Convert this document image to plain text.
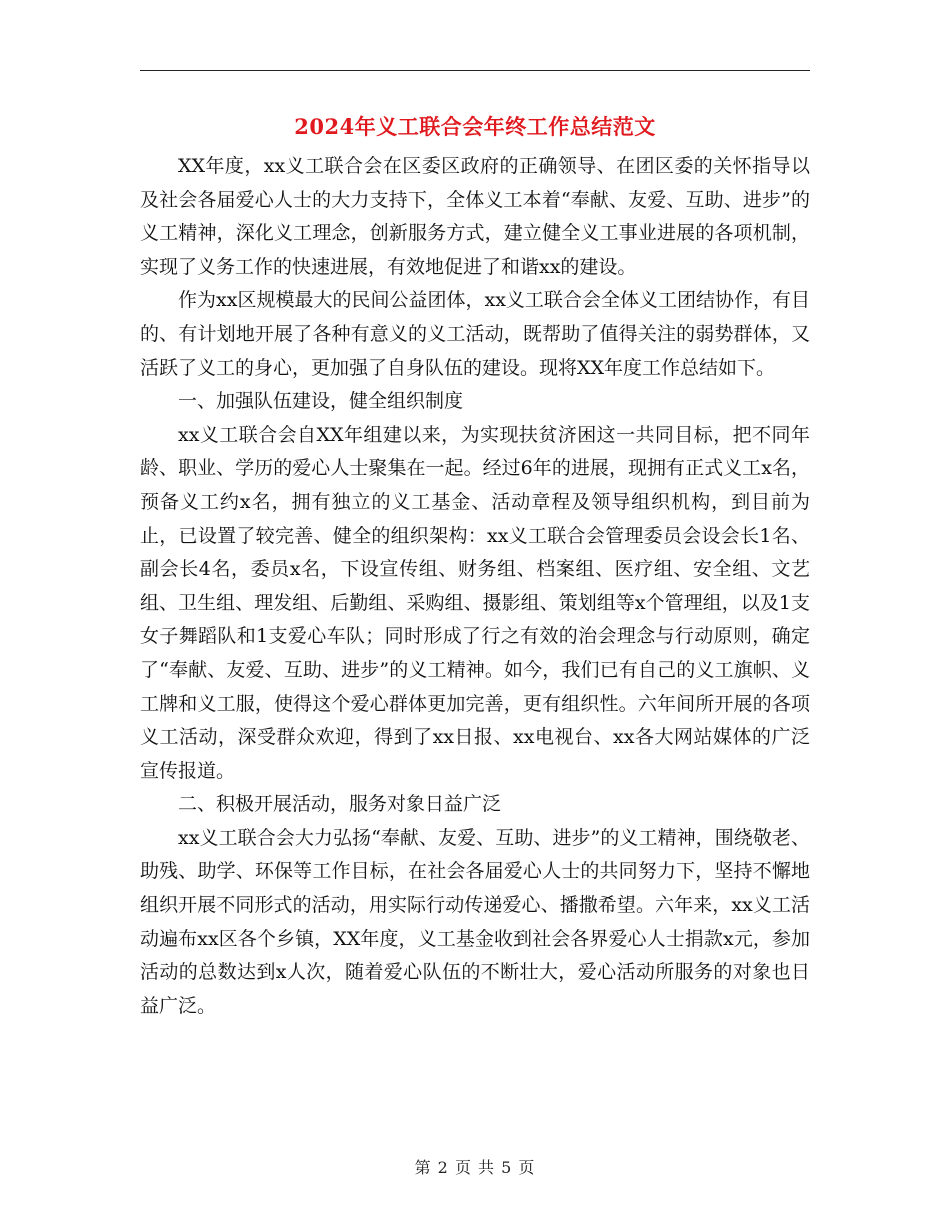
2024年义工联合会年终工作总结范文

XX年度，xx义工联合会在区委区政府的正确领导、在团区委的关怀指导以及社会各届爱心人士的大力支持下，全体义工本着“奉献、友爱、互助、进步”的义工精神，深化义工理念，创新服务方式，建立健全义工事业进展的各项机制，实现了义务工作的快速进展，有效地促进了和谐xx的建设。

作为xx区规模最大的民间公益团体，xx义工联合会全体义工团结协作，有目的、有计划地开展了各种有意义的义工活动，既帮助了值得关注的弱势群体，又活跃了义工的身心，更加强了自身队伍的建设。现将XX年度工作总结如下。

一、加强队伍建设，健全组织制度

xx义工联合会自XX年组建以来，为实现扶贫济困这一共同目标，把不同年龄、职业、学历的爱心人士聚集在一起。经过6年的进展，现拥有正式义工x名，预备义工约x名，拥有独立的义工基金、活动章程及领导组织机构，到目前为止，已设置了较完善、健全的组织架构：xx义工联合会管理委员会设会长1名、副会长4名，委员x名，下设宣传组、财务组、档案组、医疗组、安全组、文艺组、卫生组、理发组、后勤组、采购组、摄影组、策划组等x个管理组，以及1支女子舞蹈队和1支爱心车队；同时形成了行之有效的治会理念与行动原则，确定了“奉献、友爱、互助、进步”的义工精神。如今，我们已有自己的义工旗帜、义工牌和义工服，使得这个爱心群体更加完善，更有组织性。六年间所开展的各项义工活动，深受群众欢迎，得到了xx日报、xx电视台、xx各大网站媒体的广泛宣传报道。

二、积极开展活动，服务对象日益广泛

xx义工联合会大力弘扬“奉献、友爱、互助、进步”的义工精神，围绕敬老、助残、助学、环保等工作目标，在社会各届爱心人士的共同努力下，坚持不懈地组织开展不同形式的活动，用实际行动传递爱心、播撒希望。六年来，xx义工活动遍布xx区各个乡镇，XX年度，义工基金收到社会各界爱心人士捐款x元，参加活动的总数达到x人次，随着爱心队伍的不断壮大，爱心活动所服务的对象也日益广泛。

第 2 页 共 5 页
